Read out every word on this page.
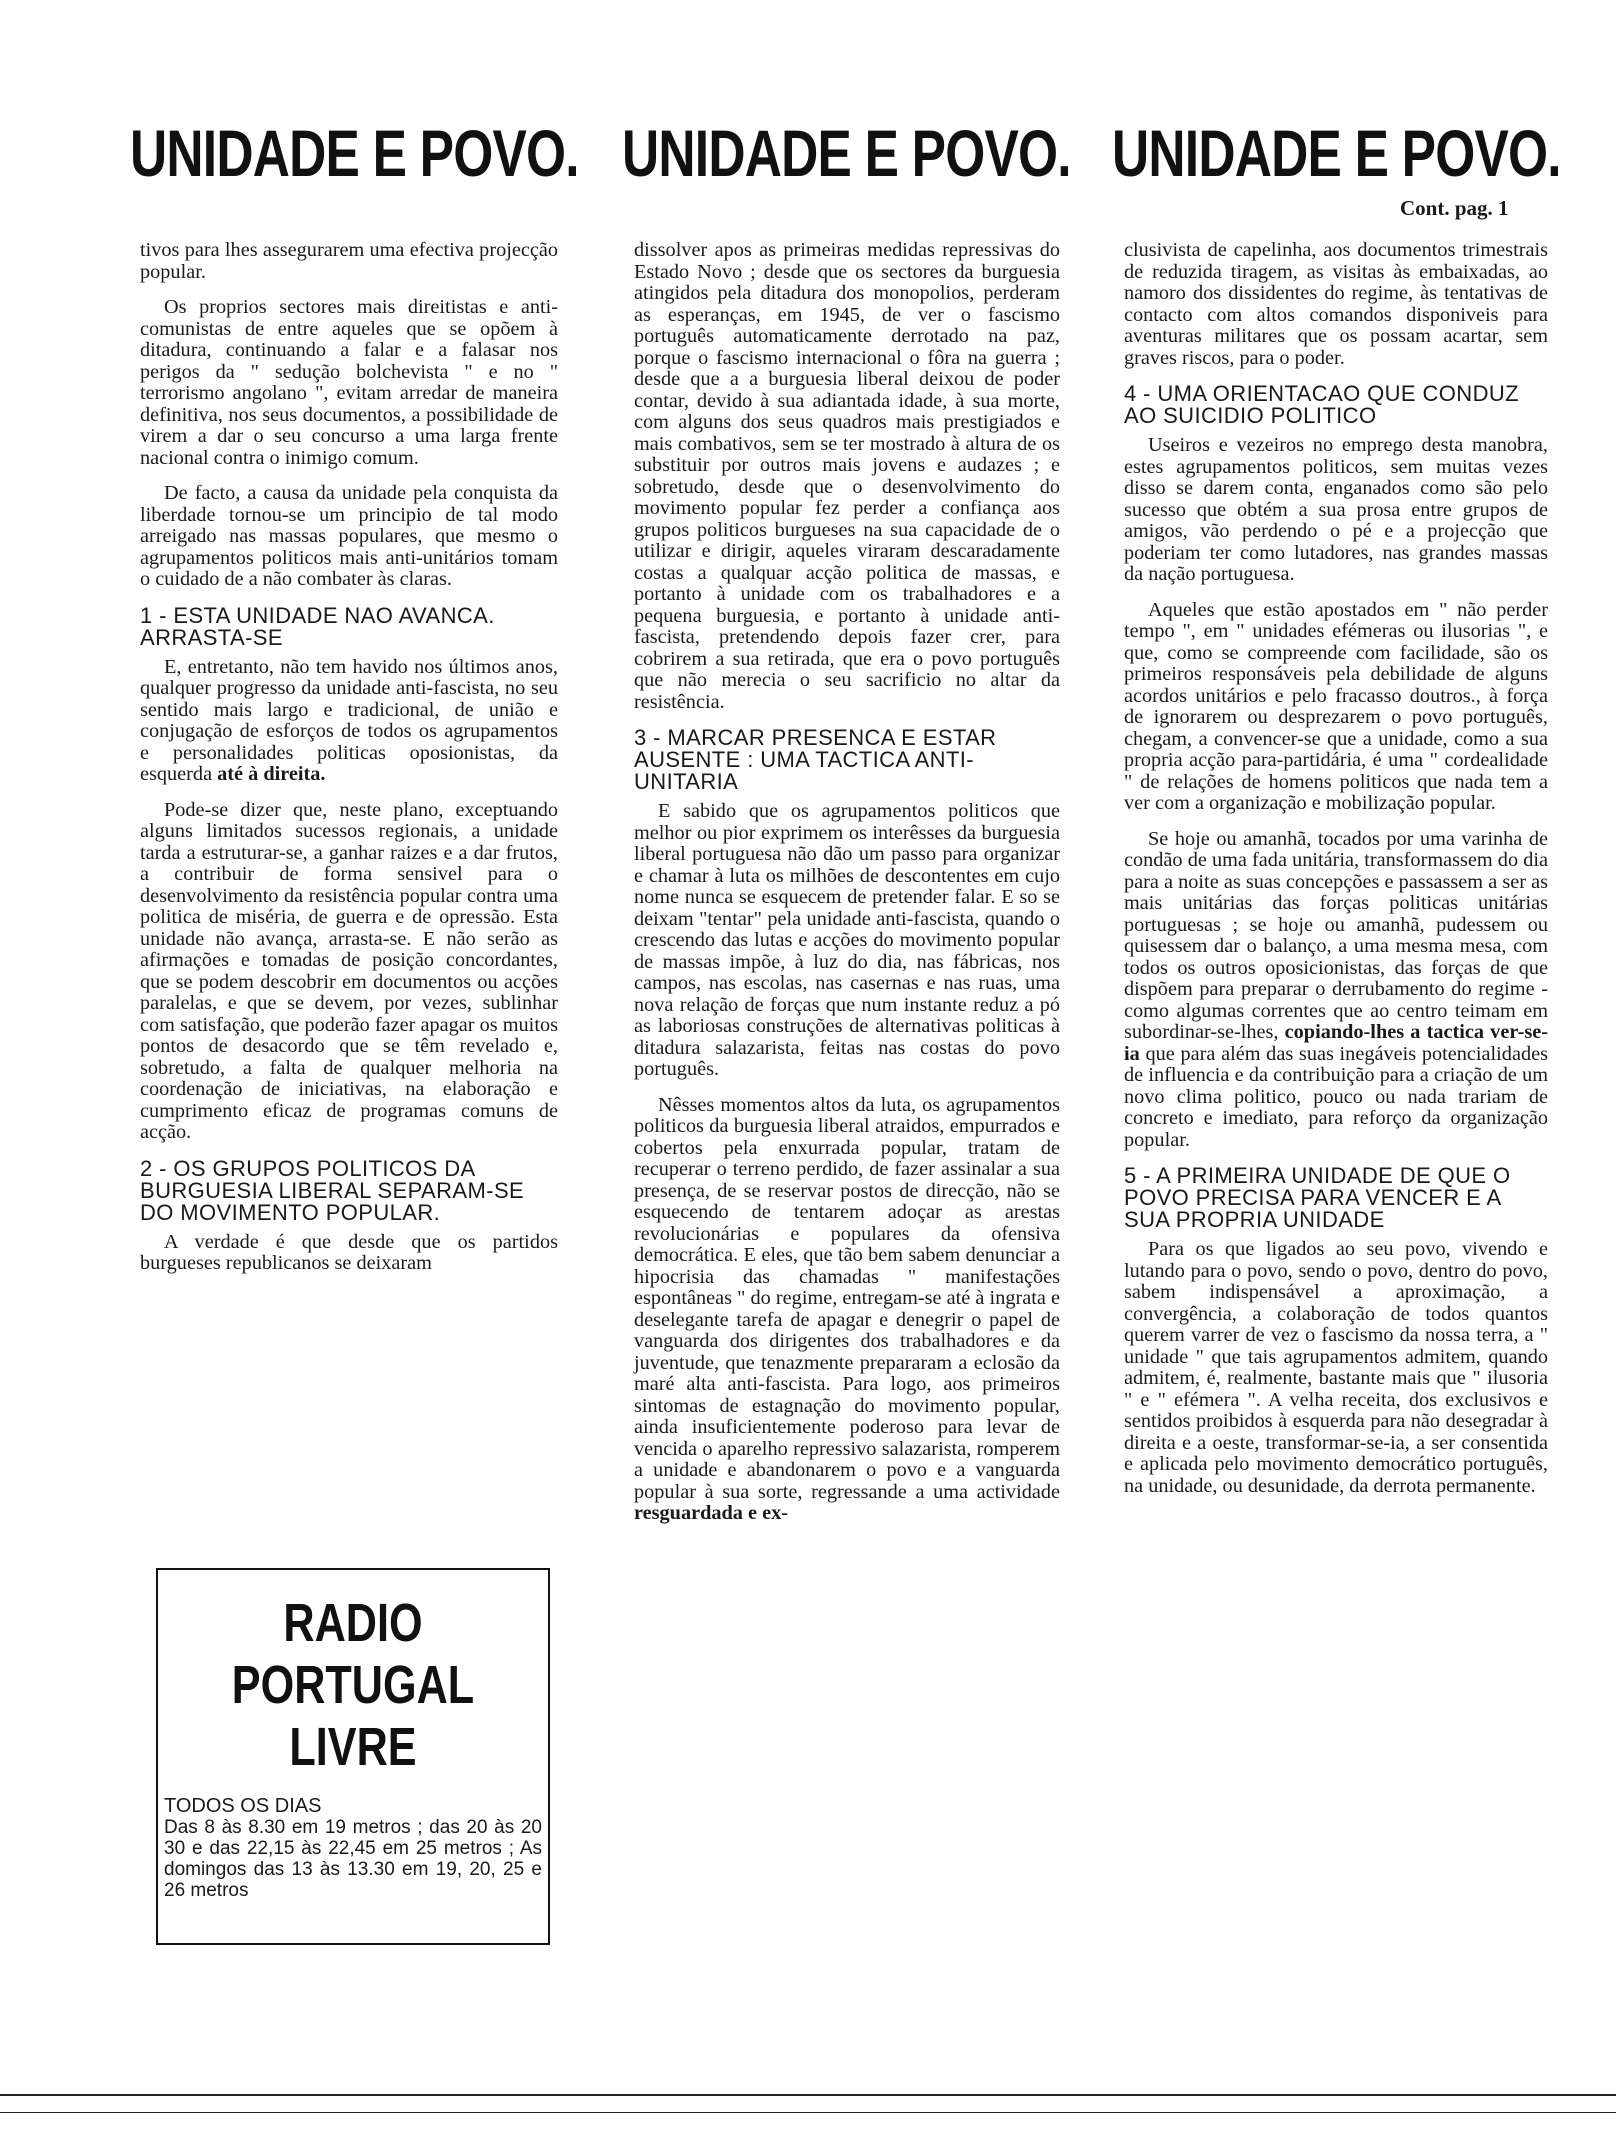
UNIDADE E POVO. UNIDADE E POVO. UNIDADE E POVO.
Cont. pag. 1

tivos para lhes assegurarem uma efectiva projecção popular.

Os proprios sectores mais direitistas e anti-comunistas de entre aqueles que se opõem à ditadura, continuando a falar e a falasar nos perigos da " sedução bolchevista " e no " terrorismo angolano ", evitam arredar de maneira definitiva, nos seus documentos, a possibilidade de virem a dar o seu concurso a uma larga frente nacional contra o inimigo comum.

De facto, a causa da unidade pela conquista da liberdade tornou-se um principio de tal modo arreigado nas massas populares, que mesmo o agrupamentos politicos mais anti-unitários tomam o cuidado de a não combater às claras.

1 - ESTA UNIDADE NAO AVANCA. ARRASTA-SE

E, entretanto, não tem havido nos últimos anos, qualquer progresso da unidade anti-fascista, no seu sentido mais largo e tradicional, de união e conjugação de esforços de todos os agrupamentos e personalidades politicas oposionistas, da esquerda até à direita.

Pode-se dizer que, neste plano, exceptuando alguns limitados sucessos regionais, a unidade tarda a estruturar-se, a ganhar raizes e a dar frutos, a contribuir de forma sensivel para o desenvolvimento da resistência popular contra uma politica de miséria, de guerra e de opressão. Esta unidade não avança, arrasta-se. E não serão as afirmações e tomadas de posição concordantes, que se podem descobrir em documentos ou acções paralelas, e que se devem, por vezes, sublinhar com satisfação, que poderão fazer apagar os muitos pontos de desacordo que se têm revelado e, sobretudo, a falta de qualquer melhoria na coordenação de iniciativas, na elaboração e cumprimento eficaz de programas comuns de acção.

2 - OS GRUPOS POLITICOS DA BURGUESIA LIBERAL SEPARAM-SE DO MOVIMENTO POPULAR.

A verdade é que desde que os partidos burgueses republicanos se deixaram

RADIO
PORTUGAL
LIVRE
TODOS OS DIAS
Das 8 às 8.30 em 19 metros ; das 20 às 20 30 e das 22,15 às 22,45 em 25 metros ; As domingos das 13 às 13.30 em 19, 20, 25 e 26 metros

dissolver apos as primeiras medidas repressivas do Estado Novo ; desde que os sectores da burguesia atingidos pela ditadura dos monopolios, perderam as esperanças, em 1945, de ver o fascismo português automaticamente derrotado na paz, porque o fascismo internacional o fôra na guerra ; desde que a a burguesia liberal deixou de poder contar, devido à sua adiantada idade, à sua morte, com alguns dos seus quadros mais prestigiados e mais combativos, sem se ter mostrado à altura de os substituir por outros mais jovens e audazes ; e sobretudo, desde que o desenvolvimento do movimento popular fez perder a confiança aos grupos politicos burgueses na sua capacidade de o utilizar e dirigir, aqueles viraram descaradamente costas a qualquar acção politica de massas, e portanto à unidade com os trabalhadores e a pequena burguesia, e portanto à unidade anti-fascista, pretendendo depois fazer crer, para cobrirem a sua retirada, que era o povo português que não merecia o seu sacrificio no altar da resistência.

3 - MARCAR PRESENCA E ESTAR AUSENTE : UMA TACTICA ANTI-UNITARIA

E sabido que os agrupamentos politicos que melhor ou pior exprimem os interêsses da burguesia liberal portuguesa não dão um passo para organizar e chamar à luta os milhões de descontentes em cujo nome nunca se esquecem de pretender falar. E so se deixam "tentar" pela unidade anti-fascista, quando o crescendo das lutas e acções do movimento popular de massas impõe, à luz do dia, nas fábricas, nos campos, nas escolas, nas casernas e nas ruas, uma nova relação de forças que num instante reduz a pó as laboriosas construções de alternativas politicas à ditadura salazarista, feitas nas costas do povo português.

Nêsses momentos altos da luta, os agrupamentos politicos da burguesia liberal atraidos, empurrados e cobertos pela enxurrada popular, tratam de recuperar o terreno perdido, de fazer assinalar a sua presença, de se reservar postos de direcção, não se esquecendo de tentarem adoçar as arestas revolucionárias e populares da ofensiva democrática. E eles, que tão bem sabem denunciar a hipocrisia das chamadas " manifestações espontâneas " do regime, entregam-se até à ingrata e deselegante tarefa de apagar e denegrir o papel de vanguarda dos dirigentes dos trabalhadores e da juventude, que tenazmente prepararam a eclosão da maré alta anti-fascista. Para logo, aos primeiros sintomas de estagnação do movimento popular, ainda insuficientemente poderoso para levar de vencida o aparelho repressivo salazarista, romperem a unidade e abandonarem o povo e a vanguarda popular à sua sorte, regressande a uma actividade resguardada e ex-

clusivista de capelinha, aos documentos trimestrais de reduzida tiragem, as visitas às embaixadas, ao namoro dos dissidentes do regime, às tentativas de contacto com altos comandos disponiveis para aventuras militares que os possam acartar, sem graves riscos, para o poder.

4 - UMA ORIENTACAO QUE CONDUZ AO SUICIDIO POLITICO

Useiros e vezeiros no emprego desta manobra, estes agrupamentos politicos, sem muitas vezes disso se darem conta, enganados como são pelo sucesso que obtém a sua prosa entre grupos de amigos, vão perdendo o pé e a projecção que poderiam ter como lutadores, nas grandes massas da nação portuguesa.

Aqueles que estão apostados em " não perder tempo ", em " unidades efémeras ou ilusorias ", e que, como se compreende com facilidade, são os primeiros responsáveis pela debilidade de alguns acordos unitários e pelo fracasso doutros., à força de ignorarem ou desprezarem o povo português, chegam, a convencer-se que a unidade, como a sua propria acção para-partidária, é uma " cordealidade " de relações de homens politicos que nada tem a ver com a organização e mobilização popular.

Se hoje ou amanhã, tocados por uma varinha de condão de uma fada unitária, transformassem do dia para a noite as suas concepções e passassem a ser as mais unitárias das forças politicas unitárias portuguesas ; se hoje ou amanhã, pudessem ou quisessem dar o balanço, a uma mesma mesa, com todos os outros oposicionistas, das forças de que dispõem para preparar o derrubamento do regime - como algumas correntes que ao centro teimam em subordinar-se-lhes, copiando-lhes a tactica ver-se-ia que para além das suas inegáveis potencialidades de influencia e da contribuição para a criação de um novo clima politico, pouco ou nada trariam de concreto e imediato, para reforço da organização popular.

5 - A PRIMEIRA UNIDADE DE QUE O POVO PRECISA PARA VENCER E A SUA PROPRIA UNIDADE

Para os que ligados ao seu povo, vivendo e lutando para o povo, sendo o povo, dentro do povo, sabem indispensável a aproximação, a convergência, a colaboração de todos quantos querem varrer de vez o fascismo da nossa terra, a " unidade " que tais agrupamentos admitem, quando admitem, é, realmente, bastante mais que " ilusoria " e " efémera ". A velha receita, dos exclusivos e sentidos proibidos à esquerda para não desegradar à direita e a oeste, transformar-se-ia, a ser consentida e aplicada pelo movimento democrático português, na unidade, ou desunidade, da derrota permanente.
